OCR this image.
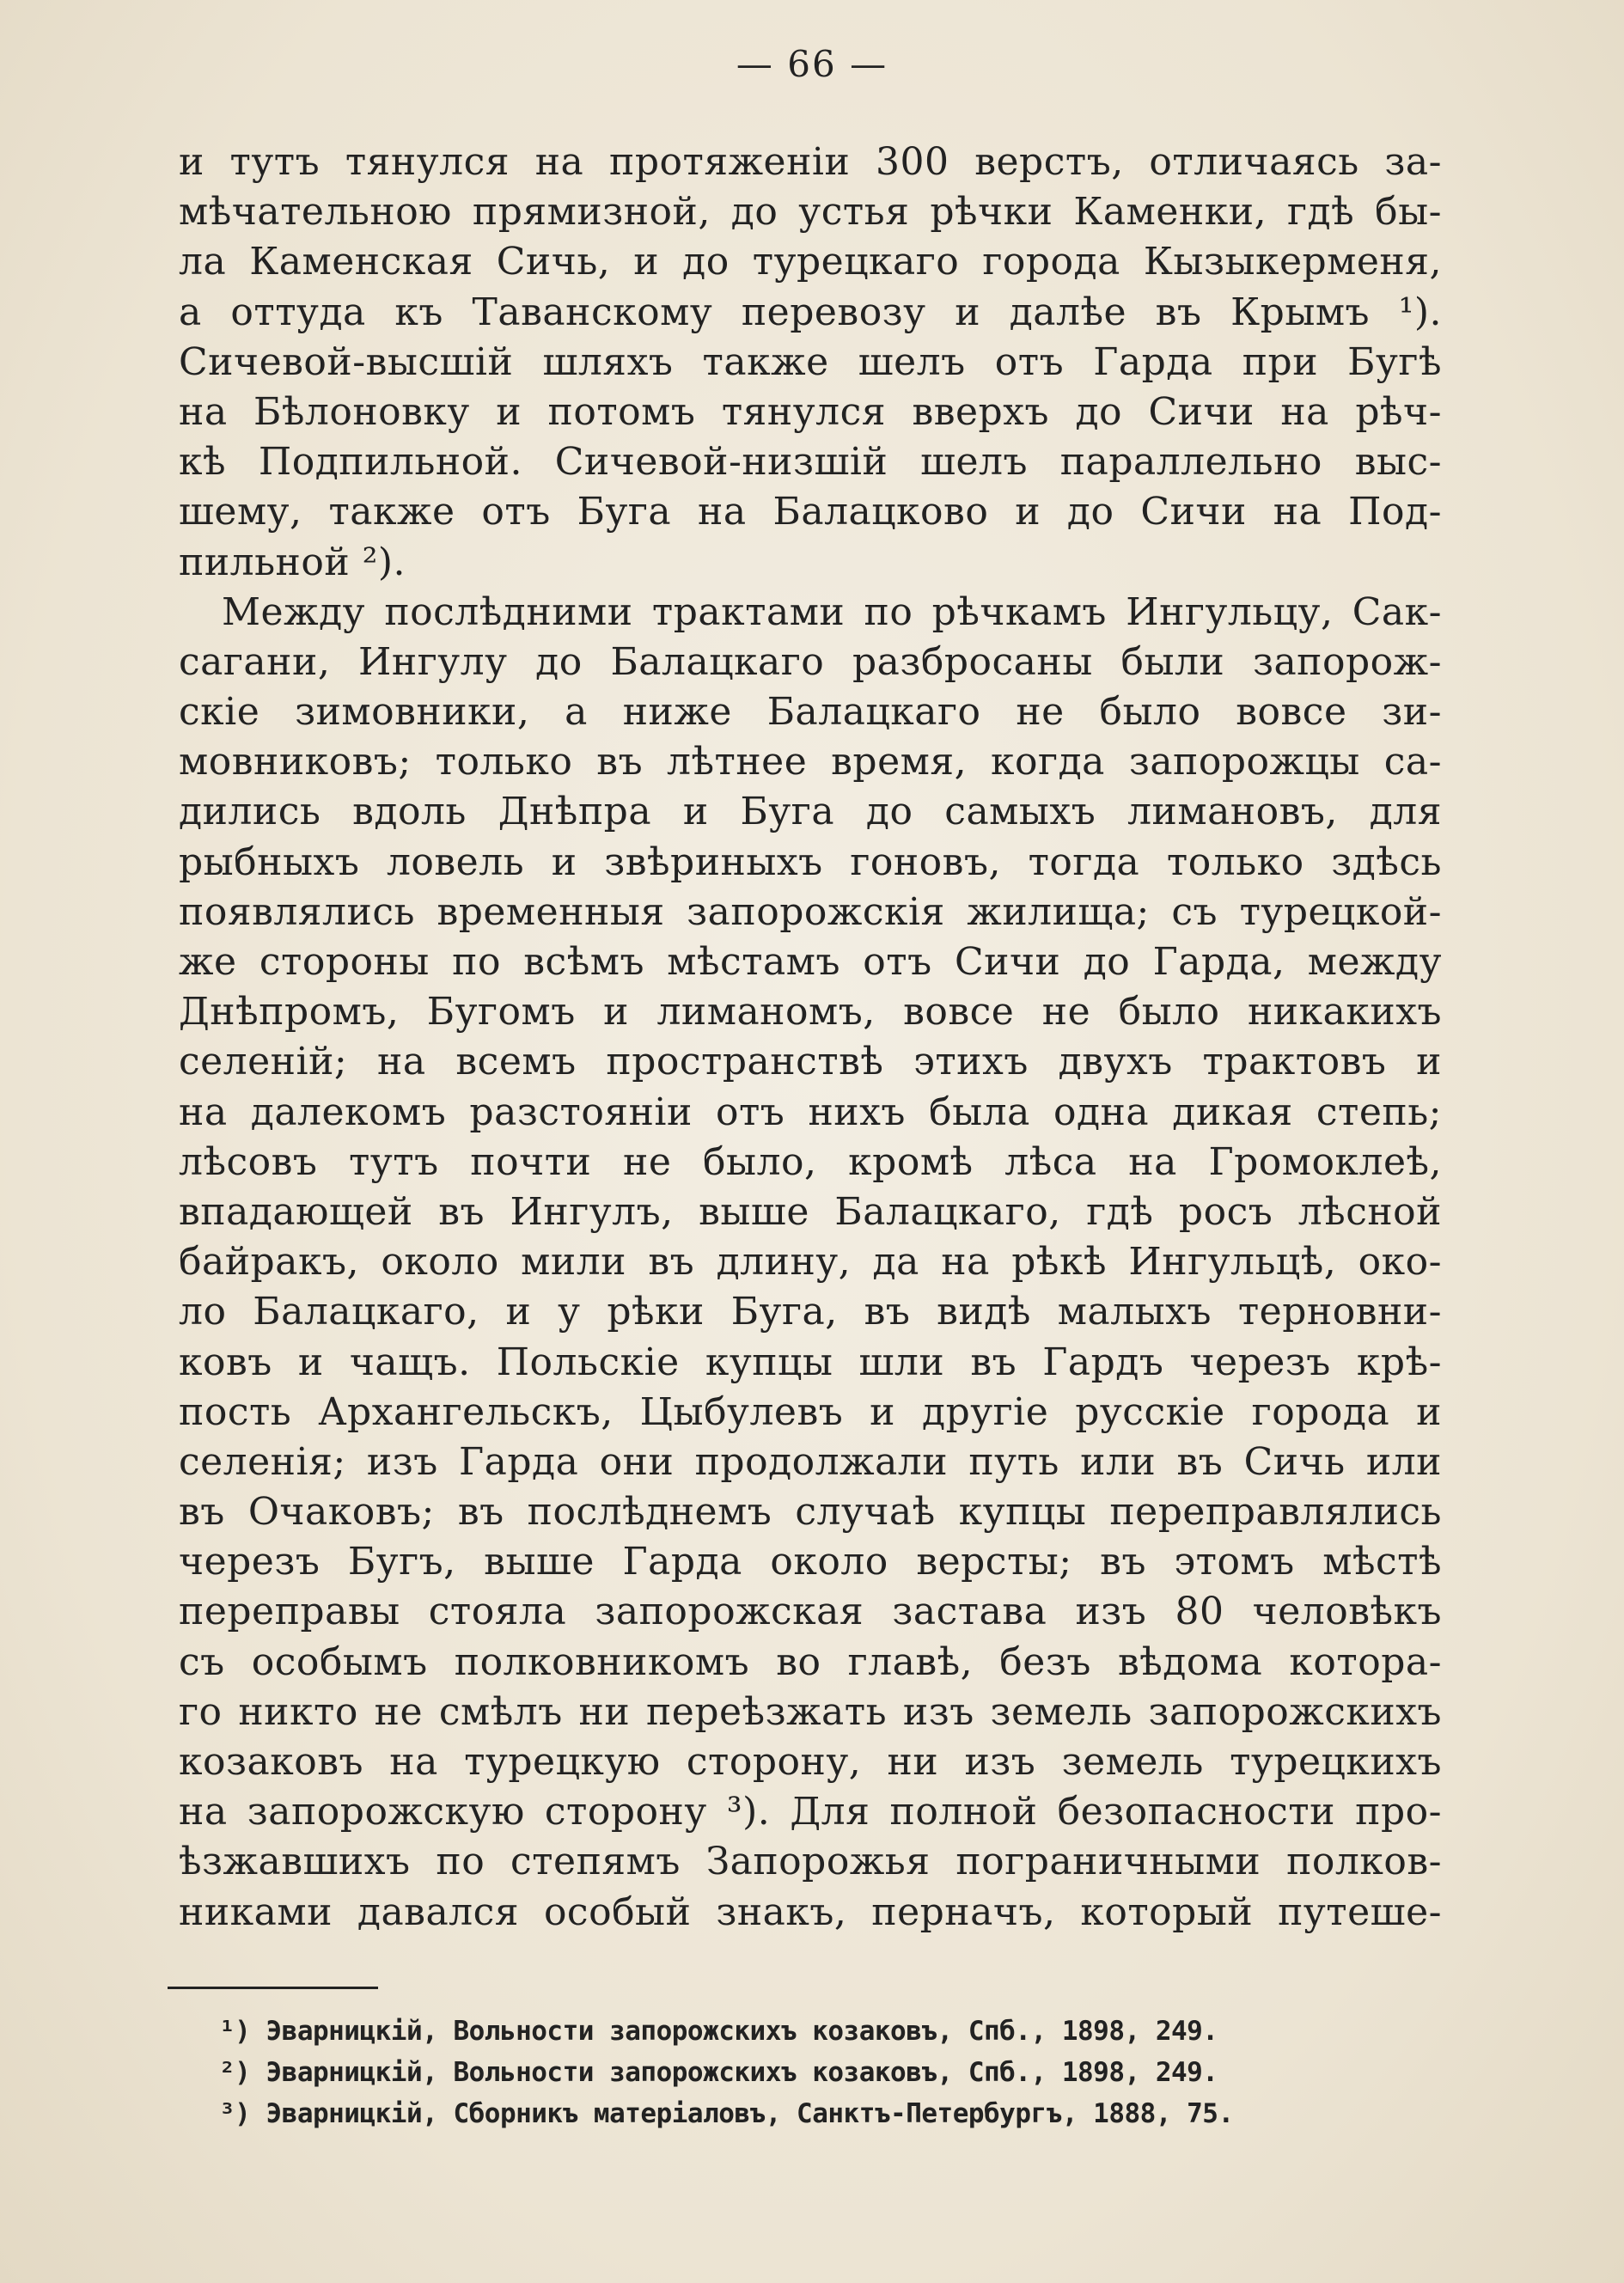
— 66 —
и тутъ тянулся на протяженіи 300 верстъ, отличаясь за-
мѣчательною прямизной, до устья рѣчки Каменки, гдѣ бы-
ла Каменская Сичь, и до турецкаго города Кызыкерменя,
а оттуда къ Таванскому перевозу и далѣе въ Крымъ ¹).
Сичевой-высшій шляхъ также шелъ отъ Гарда при Бугѣ
на Бѣлоновку и потомъ тянулся вверхъ до Сичи на рѣч-
кѣ Подпильной. Сичевой-низшій шелъ параллельно выс-
шему, также отъ Буга на Балацково и до Сичи на Под-
пильной ²).
Между послѣдними трактами по рѣчкамъ Ингульцу, Сак-
сагани, Ингулу до Балацкаго разбросаны были запорож-
скіе зимовники, а ниже Балацкаго не было вовсе зи-
мовниковъ; только въ лѣтнее время, когда запорожцы са-
дились вдоль Днѣпра и Буга до самыхъ лимановъ, для
рыбныхъ ловель и звѣриныхъ гоновъ, тогда только здѣсь
появлялись временныя запорожскія жилища; съ турецкой-
же стороны по всѣмъ мѣстамъ отъ Сичи до Гарда, между
Днѣпромъ, Бугомъ и лиманомъ, вовсе не было никакихъ
селеній; на всемъ пространствѣ этихъ двухъ трактовъ и
на далекомъ разстояніи отъ нихъ была одна дикая степь;
лѣсовъ тутъ почти не было, кромѣ лѣса на Громоклеѣ,
впадающей въ Ингулъ, выше Балацкаго, гдѣ росъ лѣсной
байракъ, около мили въ длину, да на рѣкѣ Ингульцѣ, око-
ло Балацкаго, и у рѣки Буга, въ видѣ малыхъ терновни-
ковъ и чащъ. Польскіе купцы шли въ Гардъ черезъ крѣ-
пость Архангельскъ, Цыбулевъ и другіе русскіе города и
селенія; изъ Гарда они продолжали путь или въ Сичь или
въ Очаковъ; въ послѣднемъ случаѣ купцы переправлялись
черезъ Бугъ, выше Гарда около версты; въ этомъ мѣстѣ
переправы стояла запорожская застава изъ 80 человѣкъ
съ особымъ полковникомъ во главѣ, безъ вѣдома котора-
го никто не смѣлъ ни переѣзжать изъ земель запорожскихъ
козаковъ на турецкую сторону, ни изъ земель турецкихъ
на запорожскую сторону ³). Для полной безопасности про-
ѣзжавшихъ по степямъ Запорожья пограничными полков-
никами давался особый знакъ, перначъ, который путеше-
¹) Эварницкій, Вольности запорожскихъ козаковъ, Спб., 1898, 249.
²) Эварницкій, Вольности запорожскихъ козаковъ, Спб., 1898, 249.
³) Эварницкій, Сборникъ матеріаловъ, Санктъ-Петербургъ, 1888, 75.
